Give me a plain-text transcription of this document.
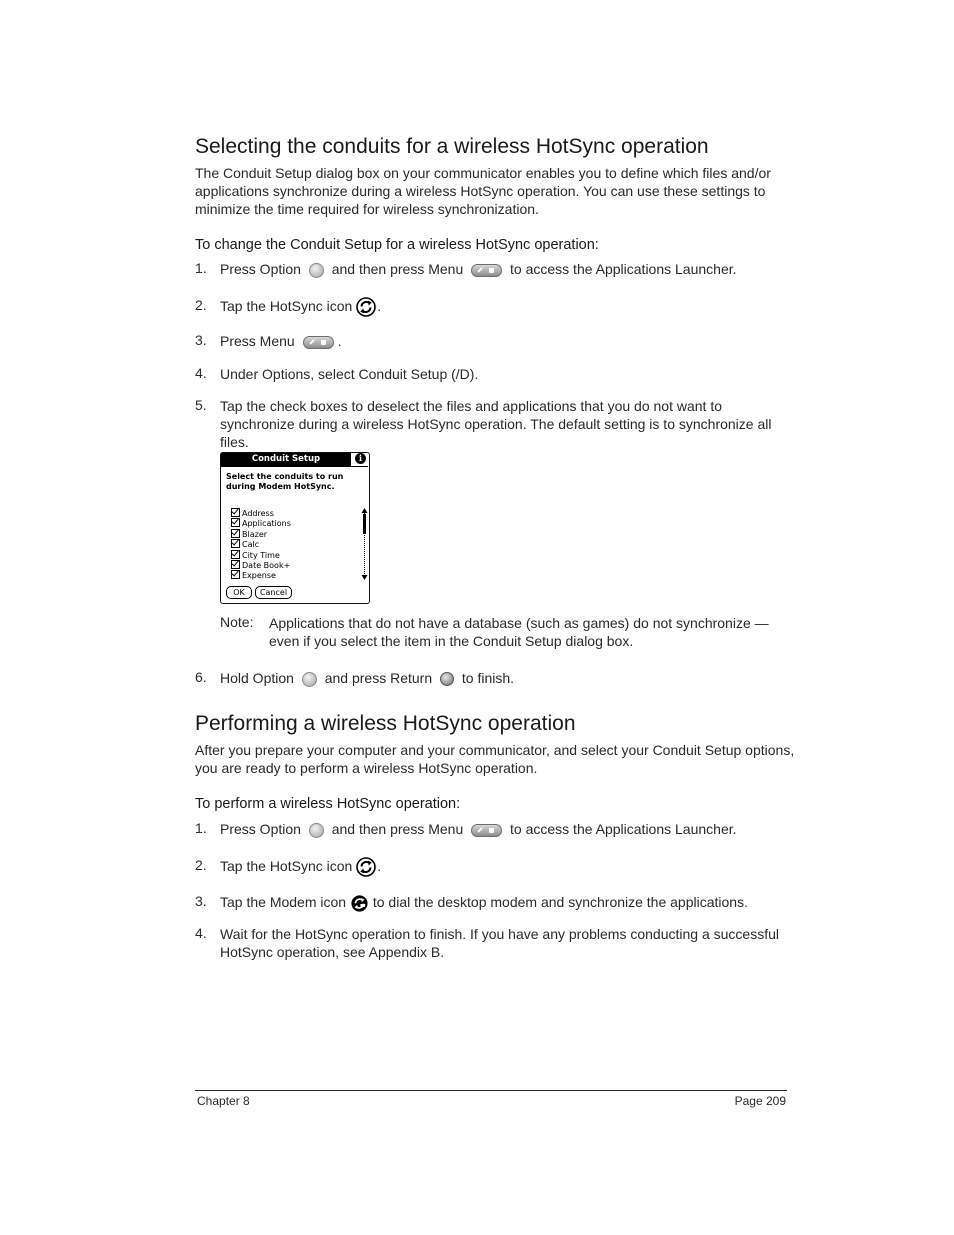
Selecting the conduits for a wireless HotSync operation

The Conduit Setup dialog box on your communicator enables you to define which files and/or applications synchronize during a wireless HotSync operation. You can use these settings to minimize the time required for wireless synchronization.

To change the Conduit Setup for a wireless HotSync operation:

1. Press Option and then press Menu	to access the Applications Launcher.
2. Tap the HotSync icon .
3. Press Menu	.
4. Under Options, select Conduit Setup (/D).
5. Tap the check boxes to deselect the files and applications that you do not want to synchronize during a wireless HotSync operation. The default setting is to synchronize all files.
Conduit Setup	i
Select the conduits to run during Modem HotSync.
Address
Applications
Blazer
Calc
City Time
Date Book+
Expense
OK	Cancel
Note: Applications that do not have a database (such as games) do not synchronize — even if you select the item in the Conduit Setup dialog box.
6. Hold Option and press Return to finish.
Performing a wireless HotSync operation

After you prepare your computer and your communicator, and select your Conduit Setup options, you are ready to perform a wireless HotSync operation.

To perform a wireless HotSync operation:

1. Press Option and then press Menu	to access the Applications Launcher.
2. Tap the HotSync icon .
3. Tap the Modem icon to dial the desktop modem and synchronize the applications.
4. Wait for the HotSync operation to finish. If you have any problems conducting a successful HotSync operation, see Appendix B.
Chapter 8	Page 209
